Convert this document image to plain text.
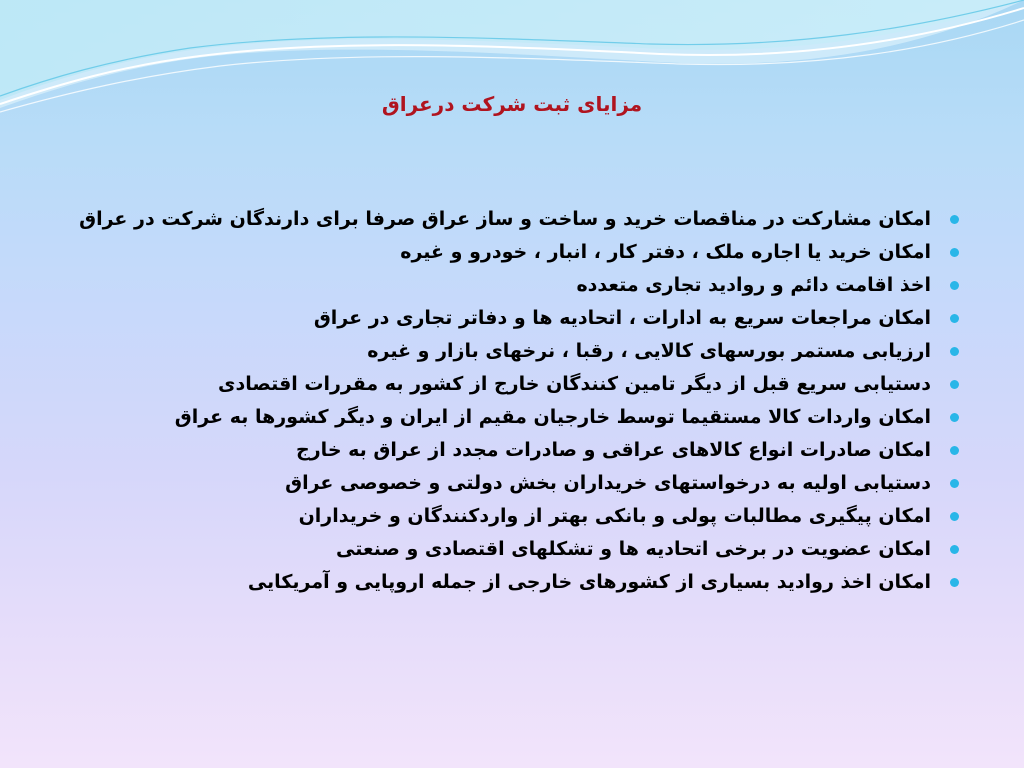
مزایای ثبت شرکت درعراق
امکان مشارکت در مناقصات خرید و ساخت و ساز عراق صرفا برای دارندگان شرکت در عراق
امکان خرید یا اجاره ملک ، دفتر کار ، انبار ، خودرو و غیره
اخذ اقامت دائم و روادید تجاری متعدده
امکان مراجعات سریع به ادارات ، اتحادیه ها و دفاتر تجاری در عراق
ارزیابی مستمر بورسهای کالایی ، رقبا ، نرخهای بازار و غیره
دستیابی سریع قبل از دیگر تامین کنندگان خارج از کشور به مقررات اقتصادی
امکان واردات کالا مستقیما توسط خارجیان مقیم از ایران و دیگر کشورها به عراق
امکان صادرات انواع کالاهای عراقی و صادرات مجدد از عراق به خارج
دستیابی اولیه به درخواستهای خریداران بخش دولتی و خصوصی عراق
امکان پیگیری مطالبات پولی و بانکی بهتر از واردکنندگان و خریداران
امکان عضویت در برخی اتحادیه ها و تشکلهای اقتصادی و صنعتی
امکان اخذ روادید بسیاری از کشورهای خارجی از جمله اروپایی و آمریکایی
